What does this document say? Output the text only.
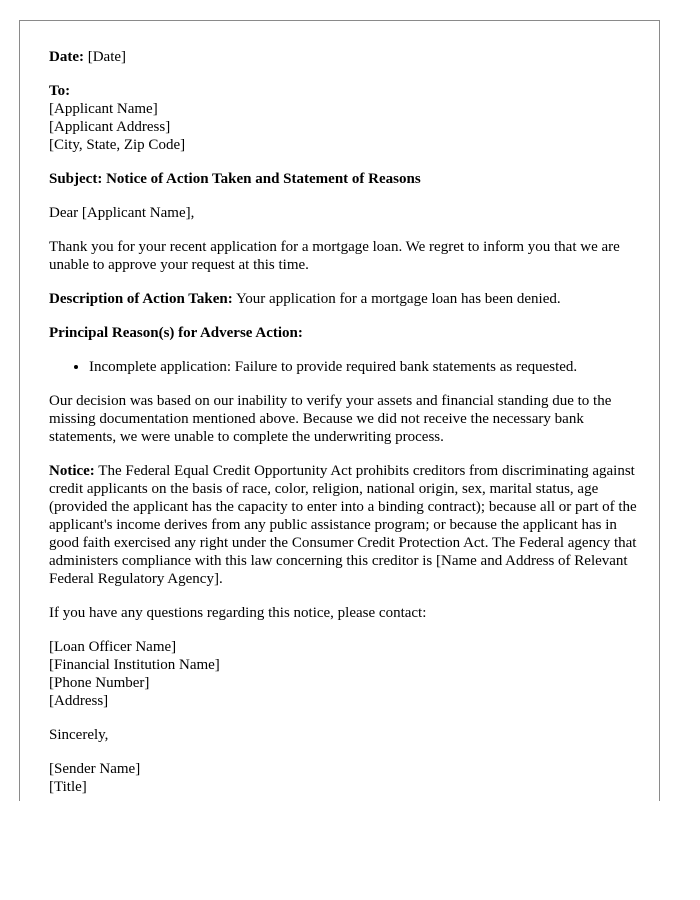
Date: [Date]

To:
[Applicant Name]
[Applicant Address]
[City, State, Zip Code]

Subject: Notice of Action Taken and Statement of Reasons

Dear [Applicant Name],

Thank you for your recent application for a mortgage loan. We regret to inform you that we are unable to approve your request at this time.

Description of Action Taken: Your application for a mortgage loan has been denied.

Principal Reason(s) for Adverse Action:

• Incomplete application: Failure to provide required bank statements as requested.

Our decision was based on our inability to verify your assets and financial standing due to the missing documentation mentioned above. Because we did not receive the necessary bank statements, we were unable to complete the underwriting process.

Notice: The Federal Equal Credit Opportunity Act prohibits creditors from discriminating against credit applicants on the basis of race, color, religion, national origin, sex, marital status, age (provided the applicant has the capacity to enter into a binding contract); because all or part of the applicant's income derives from any public assistance program; or because the applicant has in good faith exercised any right under the Consumer Credit Protection Act. The Federal agency that administers compliance with this law concerning this creditor is [Name and Address of Relevant Federal Regulatory Agency].

If you have any questions regarding this notice, please contact:

[Loan Officer Name]
[Financial Institution Name]
[Phone Number]
[Address]

Sincerely,

[Sender Name]
[Title]
